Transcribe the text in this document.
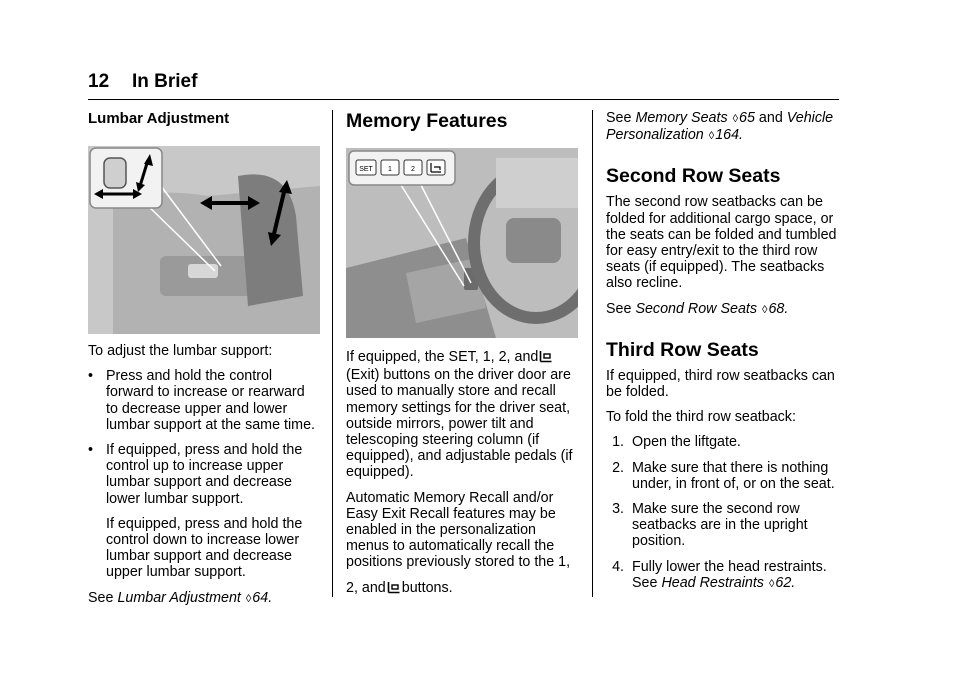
12 In Brief
Lumbar Adjustment

To adjust the lumbar support:

• Press and hold the control forward to increase or rearward to decrease upper and lower lumbar support at the same time.
• If equipped, press and hold the control up to increase upper lumbar support and decrease lower lumbar support.

If equipped, press and hold the control down to increase lower lumbar support and decrease upper lumbar support.

See Lumbar Adjustment ◊64.

Memory Features
SET 1	2

If equipped, the SET, 1, 2, and (Exit) buttons on the driver door are used to manually store and recall memory settings for the driver seat, outside mirrors, power tilt and telescoping steering column (if equipped), and adjustable pedals (if equipped).

Automatic Memory Recall and/or Easy Exit Recall features may be enabled in the personalization menus to automatically recall the positions previously stored to the 1,

2, and buttons.

See Memory Seats ◊65 and Vehicle Personalization ◊164.

Second Row Seats

The second row seatbacks can be folded for additional cargo space, or the seats can be folded and tumbled for easy entry/exit to the third row seats (if equipped). The seatbacks also recline.

See Second Row Seats ◊68.

Third Row Seats

If equipped, third row seatbacks can be folded.

To fold the third row seatback:

1. Open the liftgate.
2. Make sure that there is nothing under, in front of, or on the seat.
3. Make sure the second row seatbacks are in the upright position.
4. Fully lower the head restraints.
See Head Restraints ◊62.
